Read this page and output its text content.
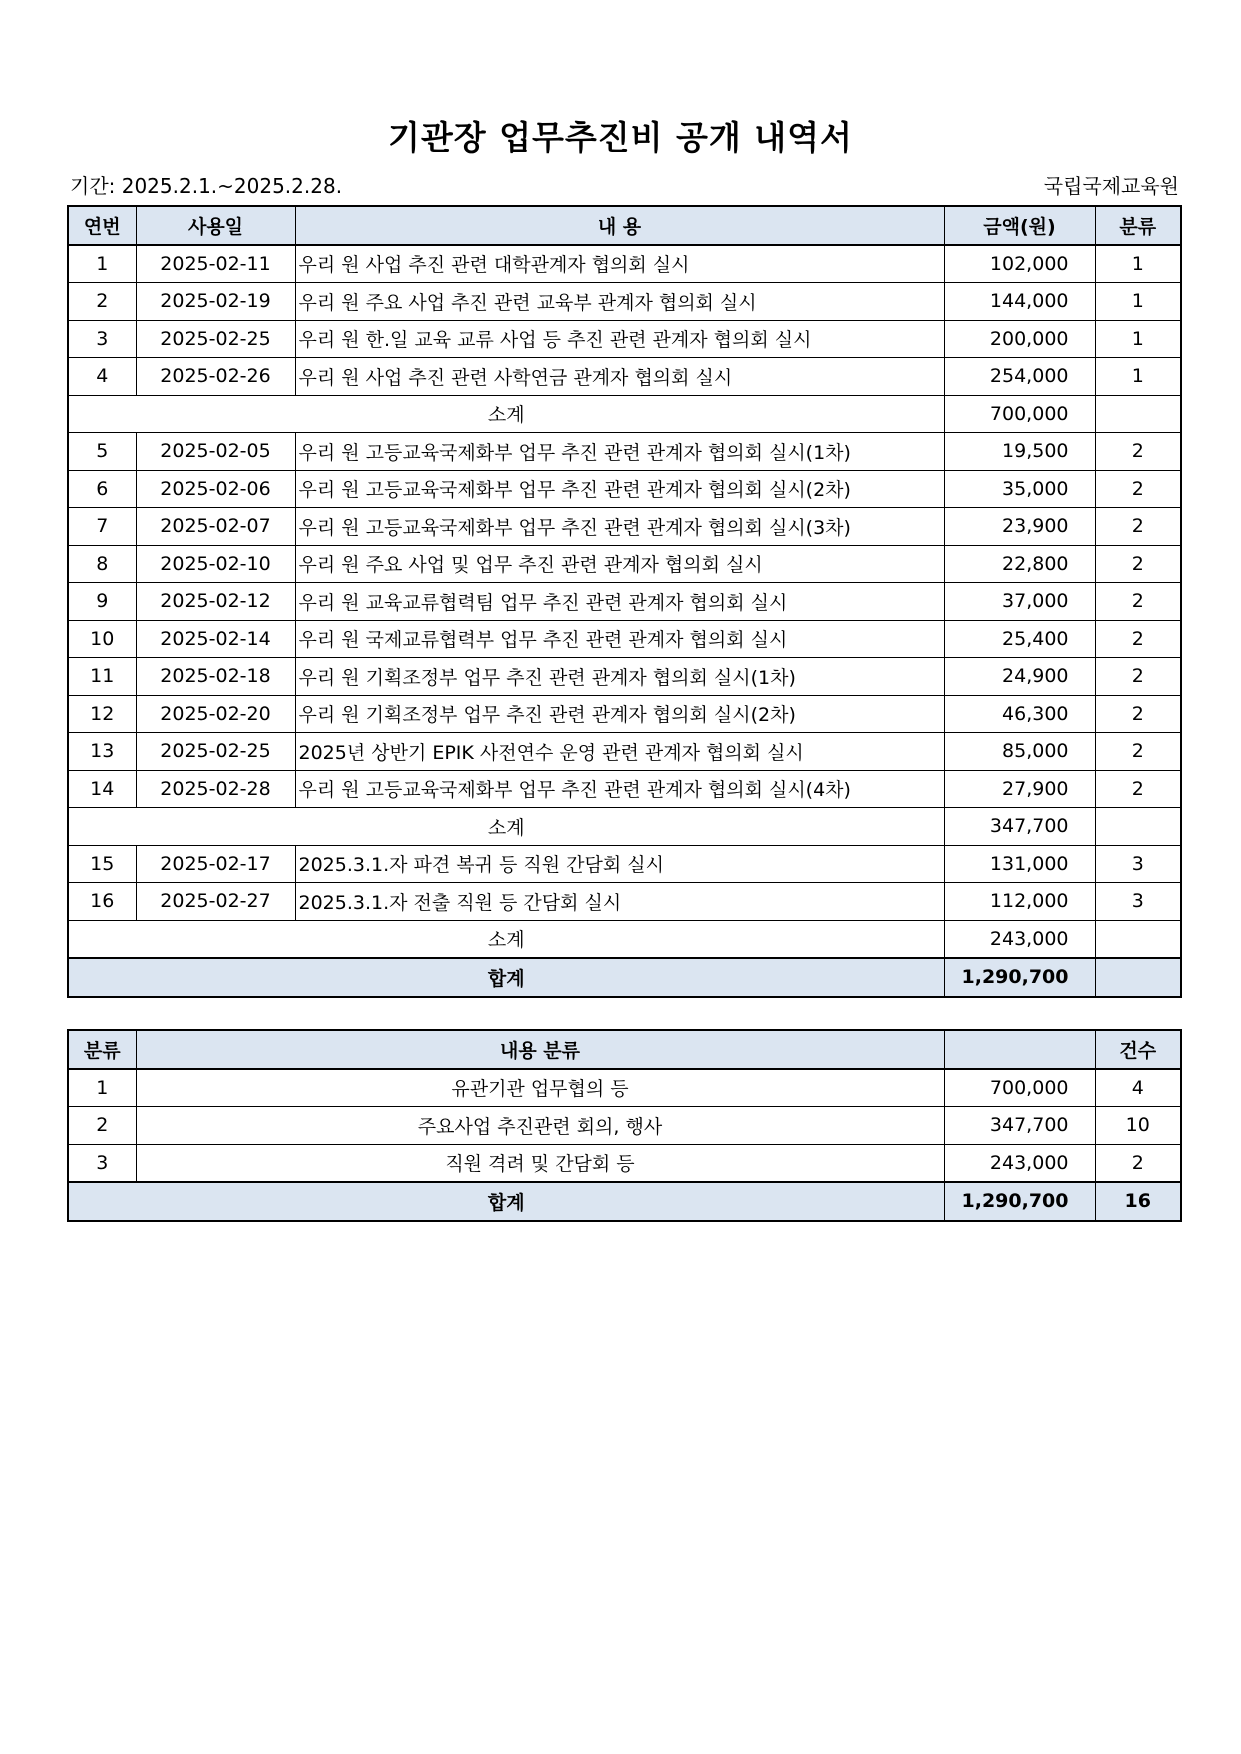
기관장 업무추진비 공개 내역서
기간: 2025.2.1.~2025.2.28.	국립국제교육원
연번	사용일	내 용	금액(원)	분류
1	2025-02-11	우리 원 사업 추진 관련 대학관계자 협의회 실시	102,000	1
2	2025-02-19	우리 원 주요 사업 추진 관련 교육부 관계자 협의회 실시	144,000	1
3	2025-02-25	우리 원 한.일 교육 교류 사업 등 추진 관련 관계자 협의회 실시	200,000	1
4	2025-02-26	우리 원 사업 추진 관련 사학연금 관계자 협의회 실시	254,000	1
소계			700,000	
5	2025-02-05	우리 원 고등교육국제화부 업무 추진 관련 관계자 협의회 실시(1차)	19,500	2
6	2025-02-06	우리 원 고등교육국제화부 업무 추진 관련 관계자 협의회 실시(2차)	35,000	2
7	2025-02-07	우리 원 고등교육국제화부 업무 추진 관련 관계자 협의회 실시(3차)	23,900	2
8	2025-02-10	우리 원 주요 사업 및 업무 추진 관련 관계자 협의회 실시	22,800	2
9	2025-02-12	우리 원 교육교류협력팀 업무 추진 관련 관계자 협의회 실시	37,000	2
10	2025-02-14	우리 원 국제교류협력부 업무 추진 관련 관계자 협의회 실시	25,400	2
11	2025-02-18	우리 원 기획조정부 업무 추진 관련 관계자 협의회 실시(1차)	24,900	2
12	2025-02-20	우리 원 기획조정부 업무 추진 관련 관계자 협의회 실시(2차)	46,300	2
13	2025-02-25	2025년 상반기 EPIK 사전연수 운영 관련 관계자 협의회 실시	85,000	2
14	2025-02-28	우리 원 고등교육국제화부 업무 추진 관련 관계자 협의회 실시(4차)	27,900	2
소계			347,700	
15	2025-02-17	2025.3.1.자 파견 복귀 등 직원 간담회 실시	131,000	3
16	2025-02-27	2025.3.1.자 전출 직원 등 간담회 실시	112,000	3
소계			243,000	
합계			1,290,700	
분류	내용 분류		건수
1	유관기관 업무협의 등	700,000	4
2	주요사업 추진관련 회의, 행사	347,700	10
3	직원 격려 및 간담회 등	243,000	2
합계		1,290,700	16
